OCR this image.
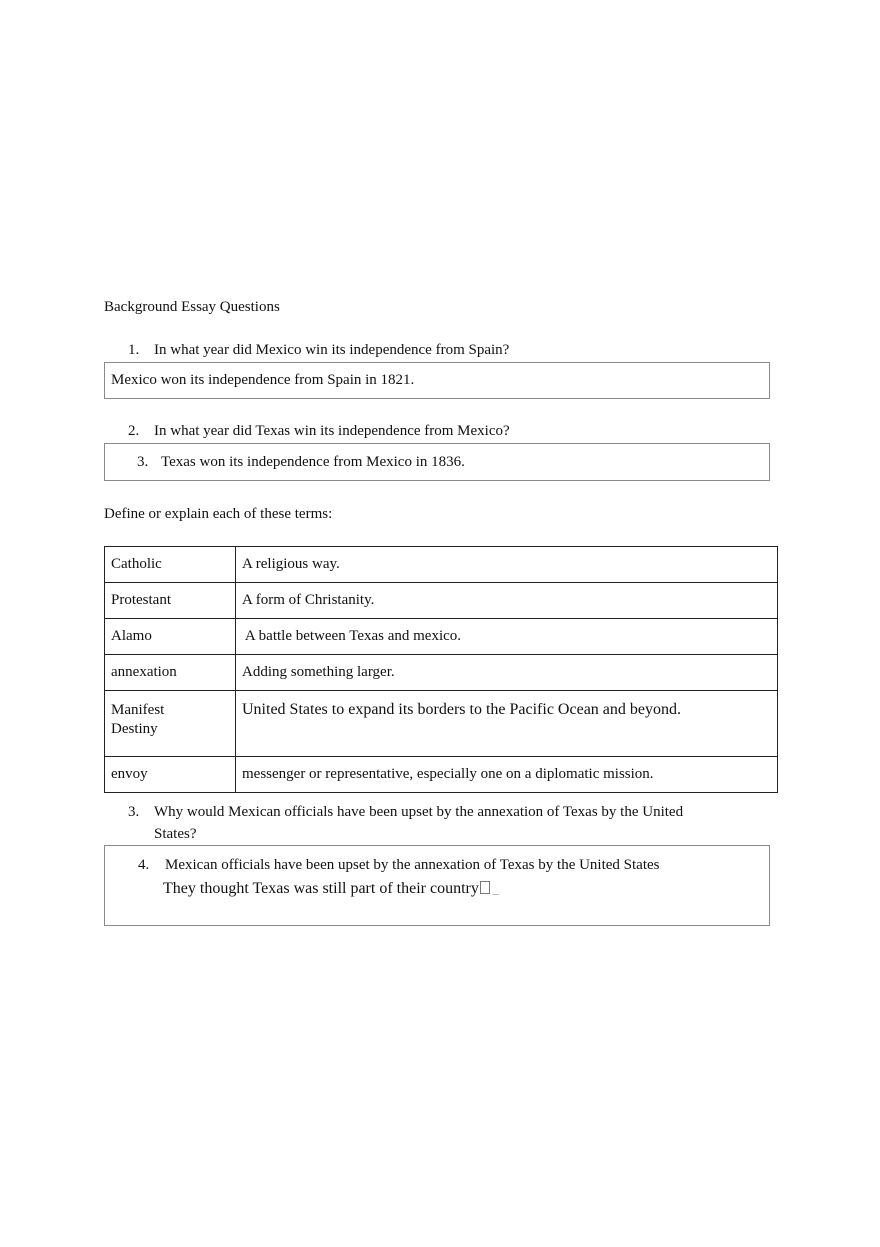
Background Essay Questions
1. In what year did Mexico win its independence from Spain?
Mexico won its independence from Spain in 1821.
2. In what year did Texas win its independence from Mexico?
3. Texas won its independence from Mexico in 1836.
Define or explain each of these terms:
Catholic	A religious way.
Protestant	A form of Christanity.
Alamo	A battle between Texas and mexico.
annexation	Adding something larger.

Manifest
Destiny	United States to expand its borders to the Pacific Ocean and beyond.
envoy	messenger or representative, especially one on a diplomatic mission.
3. Why would Mexican officials have been upset by the annexation of Texas by the United
States?
4. Mexican officials have been upset by the annexation of Texas by the United States
They thought Texas was still part of their country _
